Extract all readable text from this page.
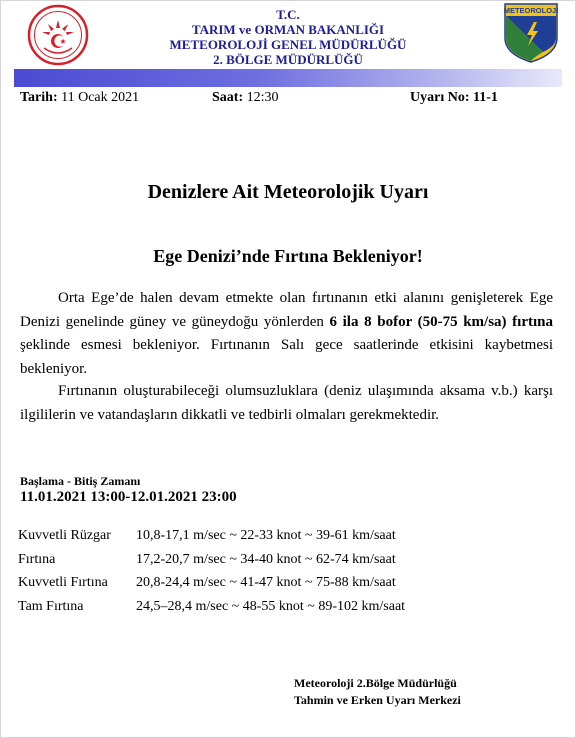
METEOROLOJİ
T.C.
TARIM ve ORMAN BAKANLIĞI
METEOROLOJİ GENEL MÜDÜRLÜĞÜ
2. BÖLGE MÜDÜRLÜĞÜ
Tarih: 11 Ocak 2021	Saat: 12:30	Uyarı No: 11-1
Denizlere Ait Meteorolojik Uyarı
Ege Denizi’nde Fırtına Bekleniyor!
Orta Ege’de halen devam etmekte olan fırtınanın etki alanını genişleterek Ege Denizi genelinde güney ve güneydoğu yönlerden 6 ila 8 bofor (50-75 km/sa) fırtına şeklinde esmesi bekleniyor. Fırtınanın Salı gece saatlerinde etkisini kaybetmesi bekleniyor.
Fırtınanın oluşturabileceği olumsuzluklara (deniz ulaşımında aksama v.b.) karşı ilgililerin ve vatandaşların dikkatli ve tedbirli olmaları gerekmektedir.
Başlama - Bitiş Zamanı
11.01.2021 13:00-12.01.2021 23:00
Kuvvetli Rüzgar	10,8-17,1 m/sec ~ 22-33 knot ~ 39-61 km/saat
Fırtına	17,2-20,7 m/sec ~ 34-40 knot ~ 62-74 km/saat
Kuvvetli Fırtına	20,8-24,4 m/sec ~ 41-47 knot ~ 75-88 km/saat
Tam Fırtına	24,5–28,4 m/sec ~ 48-55 knot ~ 89-102 km/saat
Meteoroloji 2.Bölge Müdürlüğü
Tahmin ve Erken Uyarı Merkezi
